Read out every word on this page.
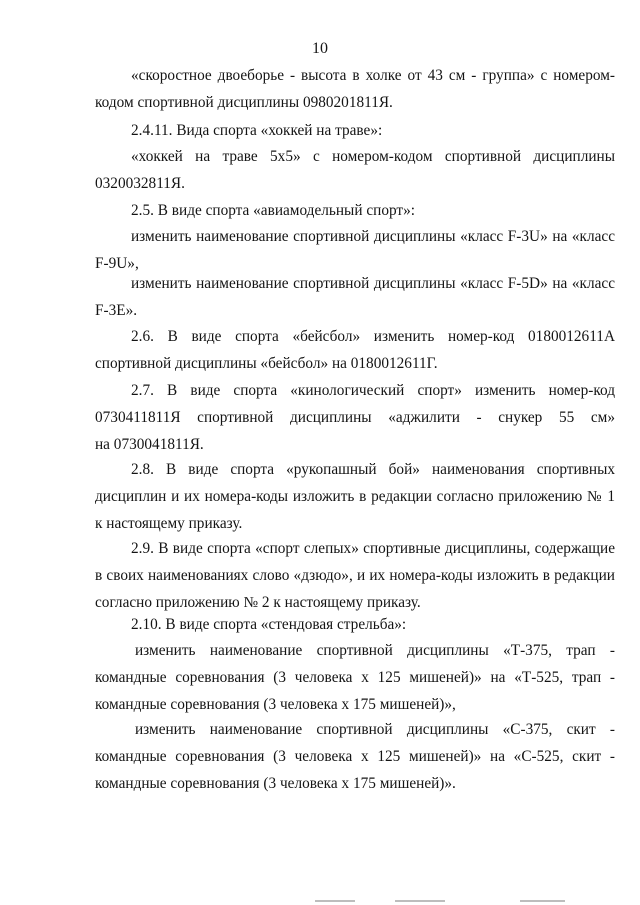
10
«скоростное двоеборье - высота в холке от 43 см - группа» с номером-
кодом спортивной дисциплины 0980201811Я.
2.4.11. Вида спорта «хоккей на траве»:
«хоккей на траве 5х5» с номером-кодом спортивной дисциплины
0320032811Я.
2.5. В виде спорта «авиамодельный спорт»:
изменить наименование спортивной дисциплины «класс F-3U» на «класс
F-9U»,
изменить наименование спортивной дисциплины «класс F-5D» на «класс
F-3E».
2.6. В виде спорта «бейсбол» изменить номер-код 0180012611А
спортивной дисциплины «бейсбол» на 0180012611Г.
2.7. В виде спорта «кинологический спорт» изменить номер-код
0730411811Я спортивной дисциплины «аджилити - снукер 55 см»
на 0730041811Я.
2.8. В виде спорта «рукопашный бой» наименования спортивных
дисциплин и их номера-коды изложить в редакции согласно приложению № 1
к настоящему приказу.
2.9. В виде спорта «спорт слепых» спортивные дисциплины, содержащие
в своих наименованиях слово «дзюдо», и их номера-коды изложить в редакции
согласно приложению № 2 к настоящему приказу.
2.10. В виде спорта «стендовая стрельба»:
изменить наименование спортивной дисциплины «Т-375, трап -
командные соревнования (3 человека х 125 мишеней)» на «Т-525, трап -
командные соревнования (3 человека х 175 мишеней)»,
изменить наименование спортивной дисциплины «С-375, скит -
командные соревнования (3 человека х 125 мишеней)» на «С-525, скит -
командные соревнования (3 человека х 175 мишеней)».
